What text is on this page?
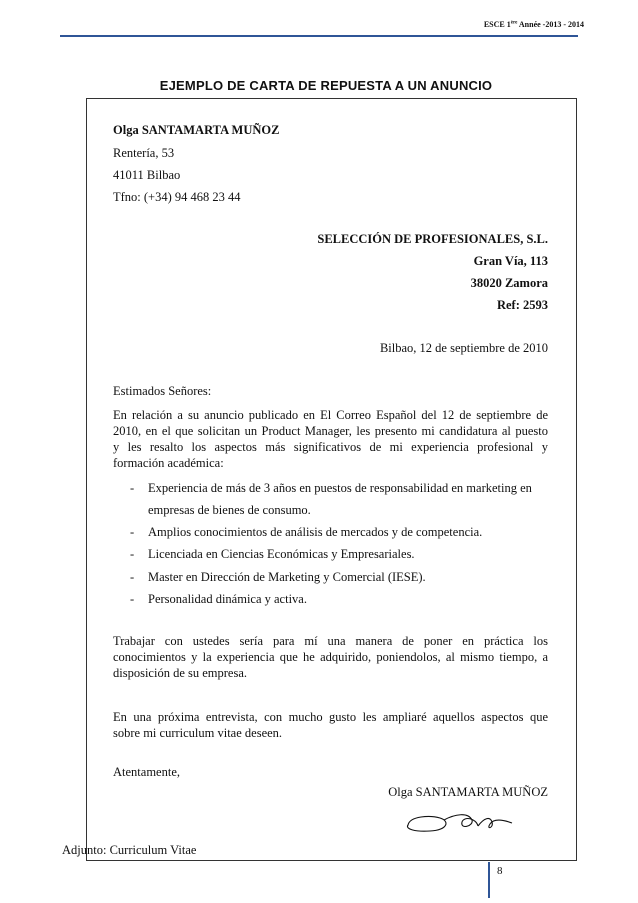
ESCE 1ère Année -2013 - 2014
EJEMPLO DE CARTA DE REPUESTA A UN ANUNCIO
Olga SANTAMARTA MUÑOZ
Rentería, 53
41011 Bilbao
Tfno: (+34) 94 468 23 44
SELECCIÓN DE PROFESIONALES, S.L.
Gran Vía, 113
38020 Zamora
Ref: 2593
Bilbao, 12 de septiembre de 2010
Estimados Señores:
En relación a su anuncio publicado en El Correo Español del 12 de septiembre de
2010, en el que solicitan un Product Manager, les presento mi candidatura al puesto
y les resalto los aspectos más significativos de mi experiencia profesional y
formación académica:
- Experiencia de más de 3 años en puestos de responsabilidad en marketing en
empresas de bienes de consumo.
- Amplios conocimientos de análisis de mercados y de competencia.
- Licenciada en Ciencias Económicas y Empresariales.
- Master en Dirección de Marketing y Comercial (IESE).
- Personalidad dinámica y activa.
Trabajar con ustedes sería para mí una manera de poner en práctica los
conocimientos y la experiencia que he adquirido, poniendolos, al mismo tiempo, a
disposición de su empresa.
En una próxima entrevista, con mucho gusto les ampliaré aquellos aspectos que
sobre mi curriculum vitae deseen.
Atentamente,
Olga SANTAMARTA MUÑOZ
Adjunto: Curriculum Vitae
8
